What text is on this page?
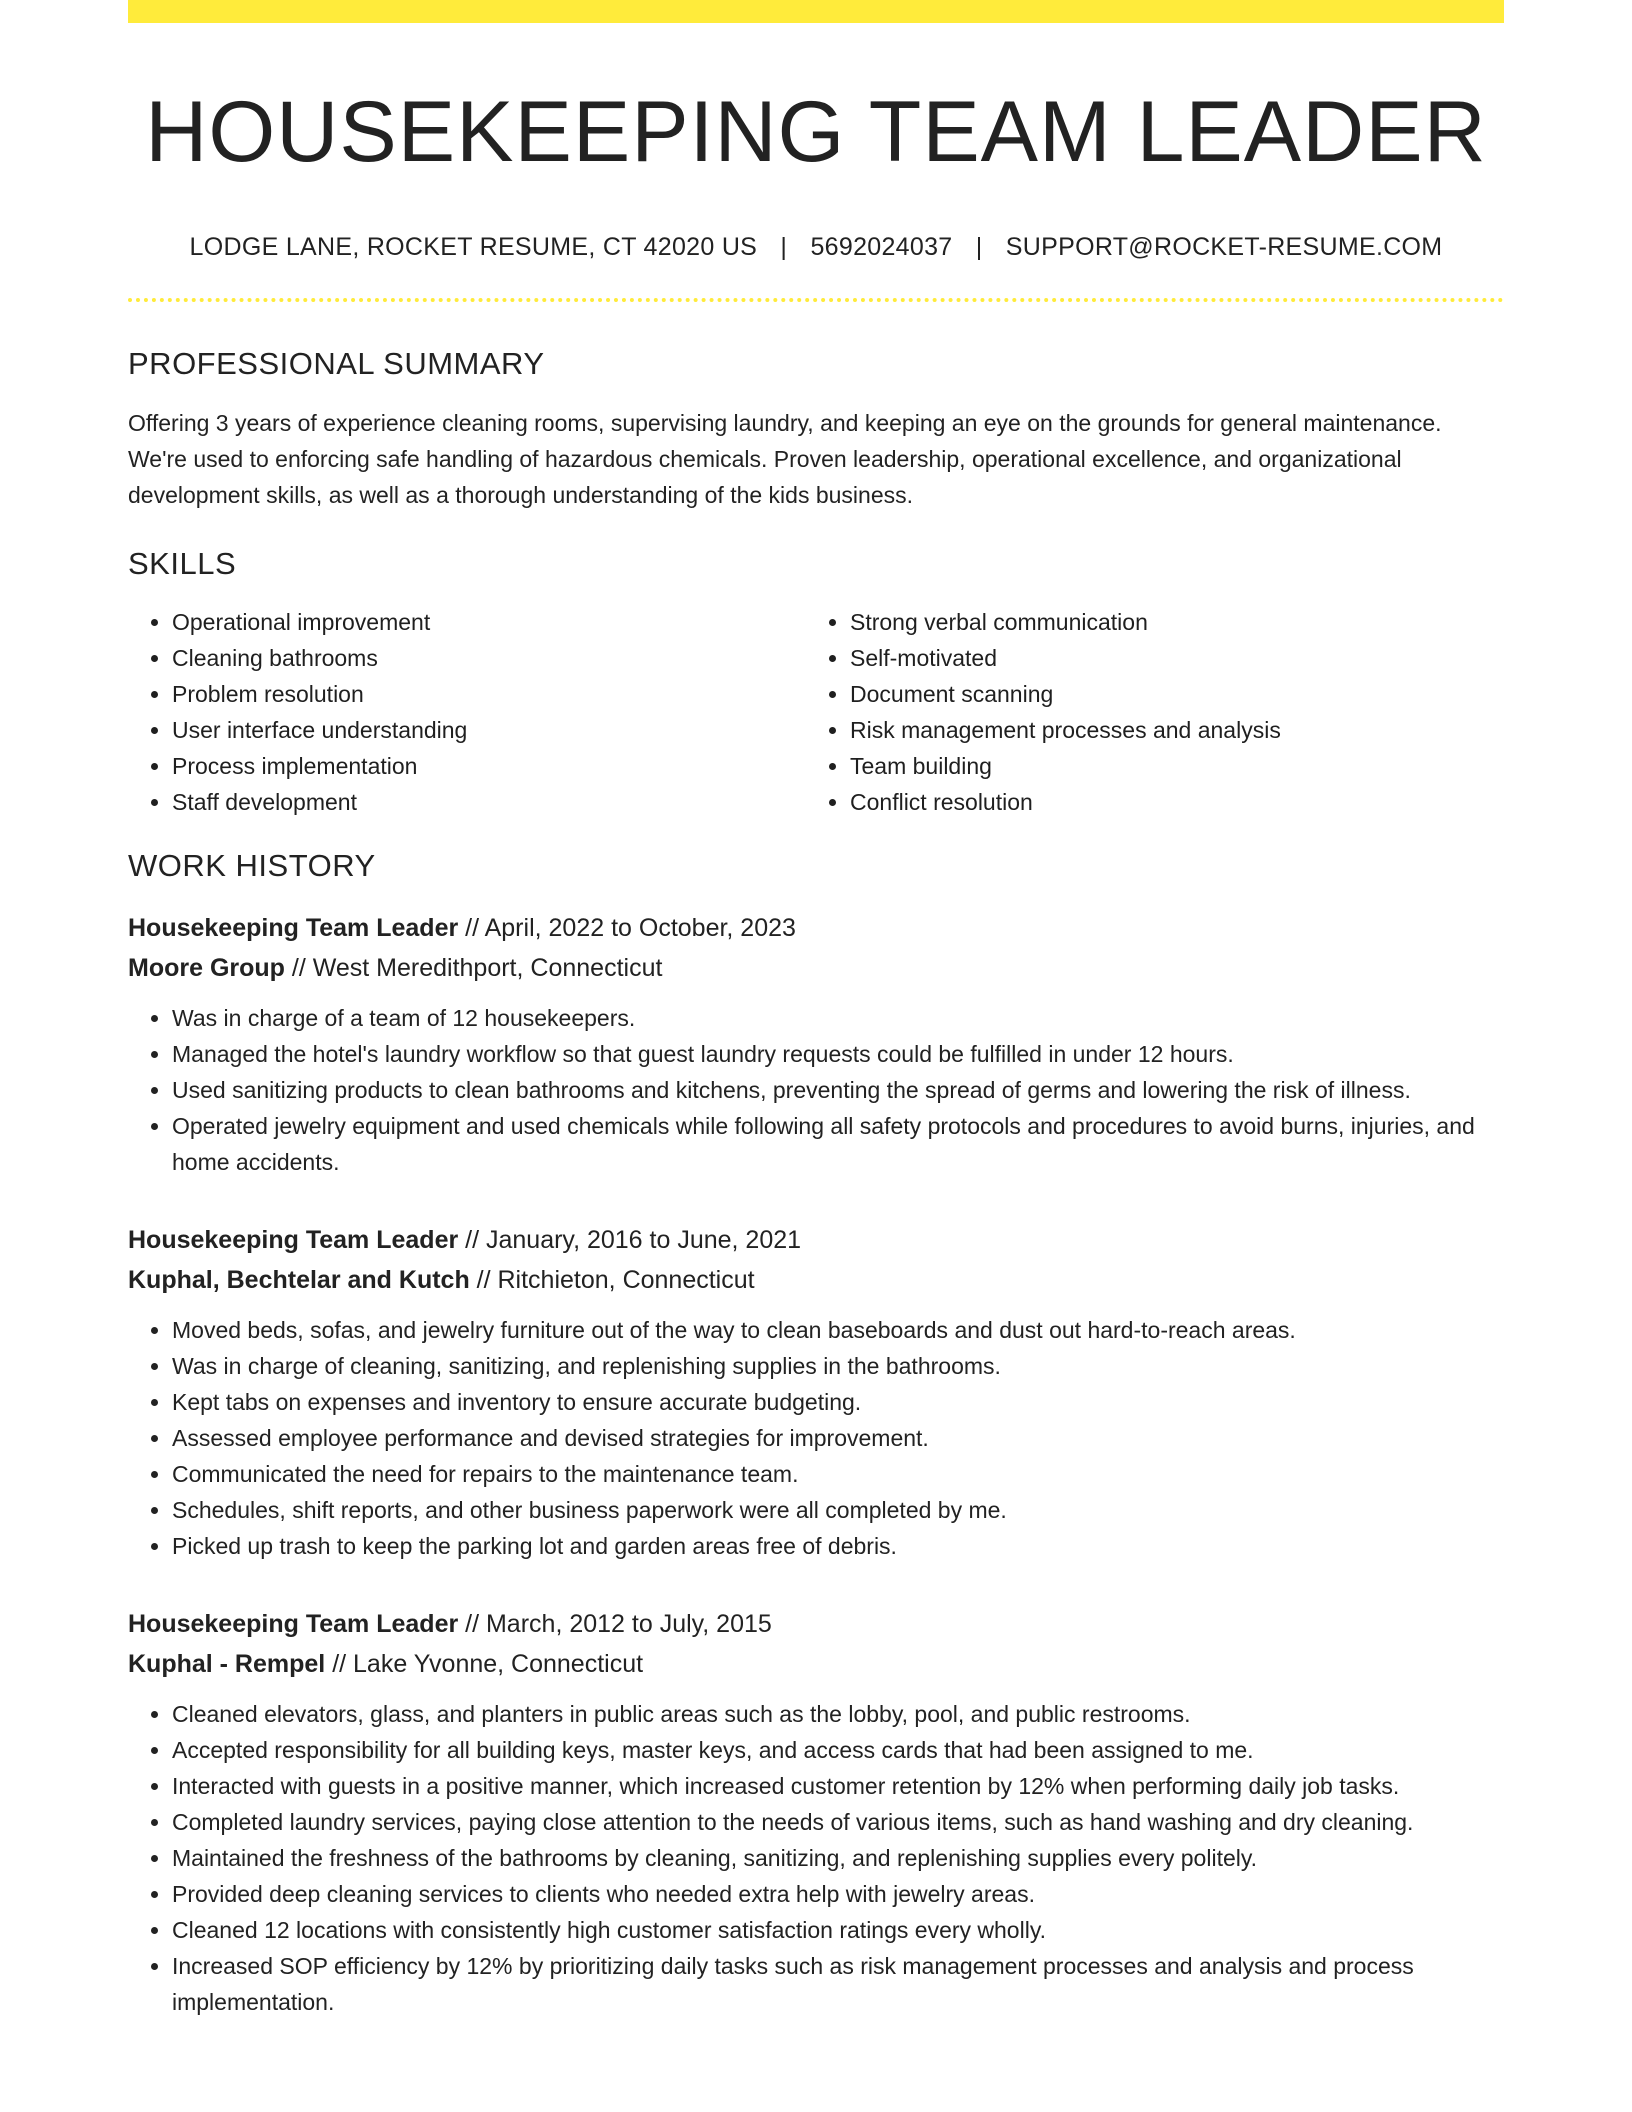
HOUSEKEEPING TEAM LEADER
LODGE LANE, ROCKET RESUME, CT 42020 US | 5692024037 | SUPPORT@ROCKET-RESUME.COM
PROFESSIONAL SUMMARY

Offering 3 years of experience cleaning rooms, supervising laundry, and keeping an eye on the grounds for general maintenance. We're used to enforcing safe handling of hazardous chemicals. Proven leadership, operational excellence, and organizational development skills, as well as a thorough understanding of the kids business.

SKILLS
• Operational improvement
• Cleaning bathrooms
• Problem resolution
• User interface understanding
• Process implementation
• Staff development
• Strong verbal communication
• Self-motivated
• Document scanning
• Risk management processes and analysis
• Team building
• Conflict resolution
WORK HISTORY
Housekeeping Team Leader // April, 2022 to October, 2023
Moore Group // West Meredithport, Connecticut
• Was in charge of a team of 12 housekeepers.
• Managed the hotel's laundry workflow so that guest laundry requests could be fulfilled in under 12 hours.
• Used sanitizing products to clean bathrooms and kitchens, preventing the spread of germs and lowering the risk of illness.
• Operated jewelry equipment and used chemicals while following all safety protocols and procedures to avoid burns, injuries, and home accidents.
Housekeeping Team Leader // January, 2016 to June, 2021
Kuphal, Bechtelar and Kutch // Ritchieton, Connecticut
• Moved beds, sofas, and jewelry furniture out of the way to clean baseboards and dust out hard-to-reach areas.
• Was in charge of cleaning, sanitizing, and replenishing supplies in the bathrooms.
• Kept tabs on expenses and inventory to ensure accurate budgeting.
• Assessed employee performance and devised strategies for improvement.
• Communicated the need for repairs to the maintenance team.
• Schedules, shift reports, and other business paperwork were all completed by me.
• Picked up trash to keep the parking lot and garden areas free of debris.
Housekeeping Team Leader // March, 2012 to July, 2015
Kuphal - Rempel // Lake Yvonne, Connecticut
• Cleaned elevators, glass, and planters in public areas such as the lobby, pool, and public restrooms.
• Accepted responsibility for all building keys, master keys, and access cards that had been assigned to me.
• Interacted with guests in a positive manner, which increased customer retention by 12% when performing daily job tasks.
• Completed laundry services, paying close attention to the needs of various items, such as hand washing and dry cleaning.
• Maintained the freshness of the bathrooms by cleaning, sanitizing, and replenishing supplies every politely.
• Provided deep cleaning services to clients who needed extra help with jewelry areas.
• Cleaned 12 locations with consistently high customer satisfaction ratings every wholly.
• Increased SOP efficiency by 12% by prioritizing daily tasks such as risk management processes and analysis and process implementation.
